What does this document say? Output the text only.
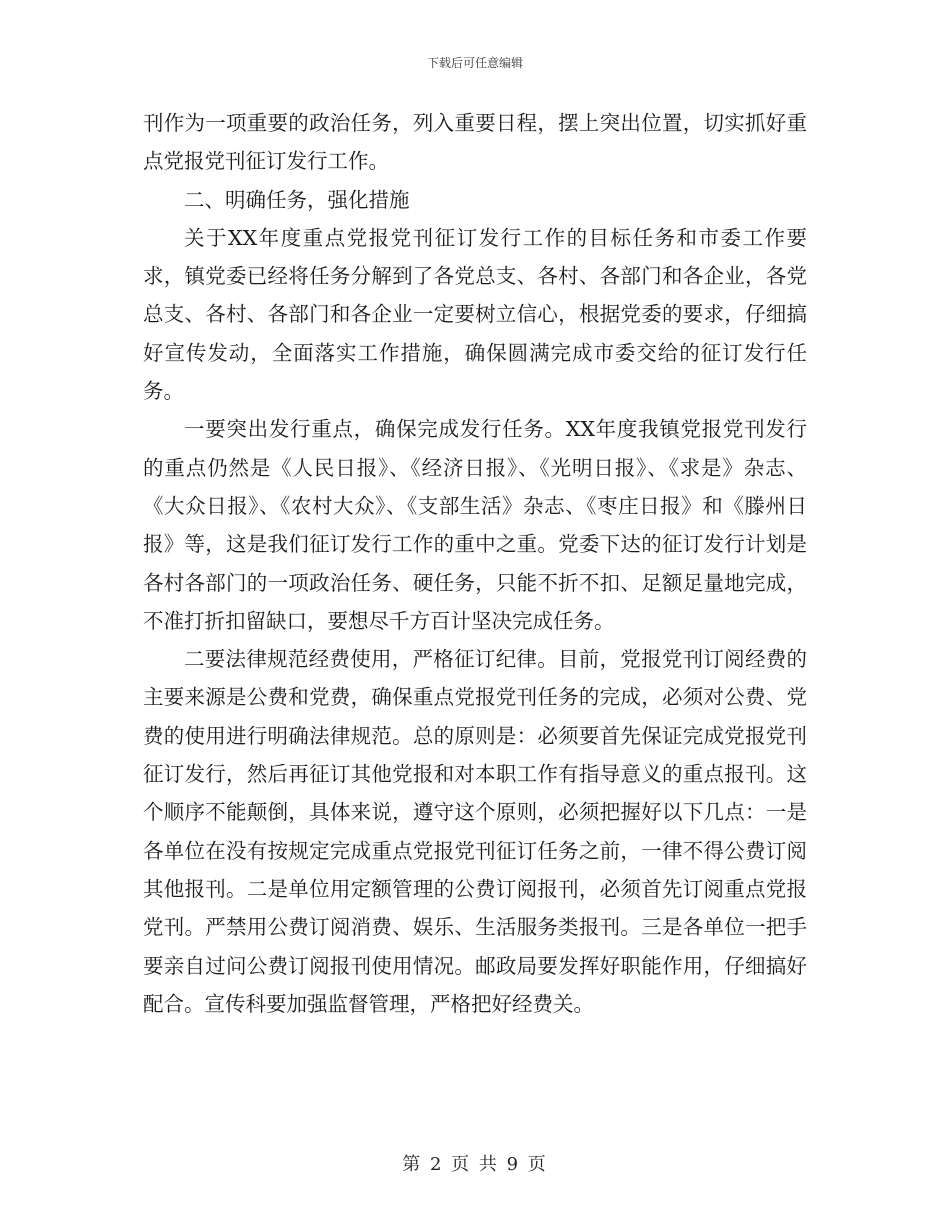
下载后可任意编辑

刊作为一项重要的政治任务，列入重要日程，摆上突出位置，切实抓好重点党报党刊征订发行工作。

二、明确任务，强化措施

关于XX年度重点党报党刊征订发行工作的目标任务和市委工作要求，镇党委已经将任务分解到了各党总支、各村、各部门和各企业，各党总支、各村、各部门和各企业一定要树立信心，根据党委的要求，仔细搞好宣传发动，全面落实工作措施，确保圆满完成市委交给的征订发行任务。

一要突出发行重点，确保完成发行任务。XX年度我镇党报党刊发行的重点仍然是《人民日报》、《经济日报》、《光明日报》、《求是》杂志、《大众日报》、《农村大众》、《支部生活》杂志、《枣庄日报》和《滕州日报》等，这是我们征订发行工作的重中之重。党委下达的征订发行计划是各村各部门的一项政治任务、硬任务，只能不折不扣、足额足量地完成，不准打折扣留缺口，要想尽千方百计坚决完成任务。

二要法律规范经费使用，严格征订纪律。目前，党报党刊订阅经费的主要来源是公费和党费，确保重点党报党刊任务的完成，必须对公费、党费的使用进行明确法律规范。总的原则是：必须要首先保证完成党报党刊征订发行，然后再征订其他党报和对本职工作有指导意义的重点报刊。这个顺序不能颠倒，具体来说，遵守这个原则，必须把握好以下几点：一是各单位在没有按规定完成重点党报党刊征订任务之前，一律不得公费订阅其他报刊。二是单位用定额管理的公费订阅报刊，必须首先订阅重点党报党刊。严禁用公费订阅消费、娱乐、生活服务类报刊。三是各单位一把手要亲自过问公费订阅报刊使用情况。邮政局要发挥好职能作用，仔细搞好配合。宣传科要加强监督管理，严格把好经费关。

第 2 页 共 9 页
